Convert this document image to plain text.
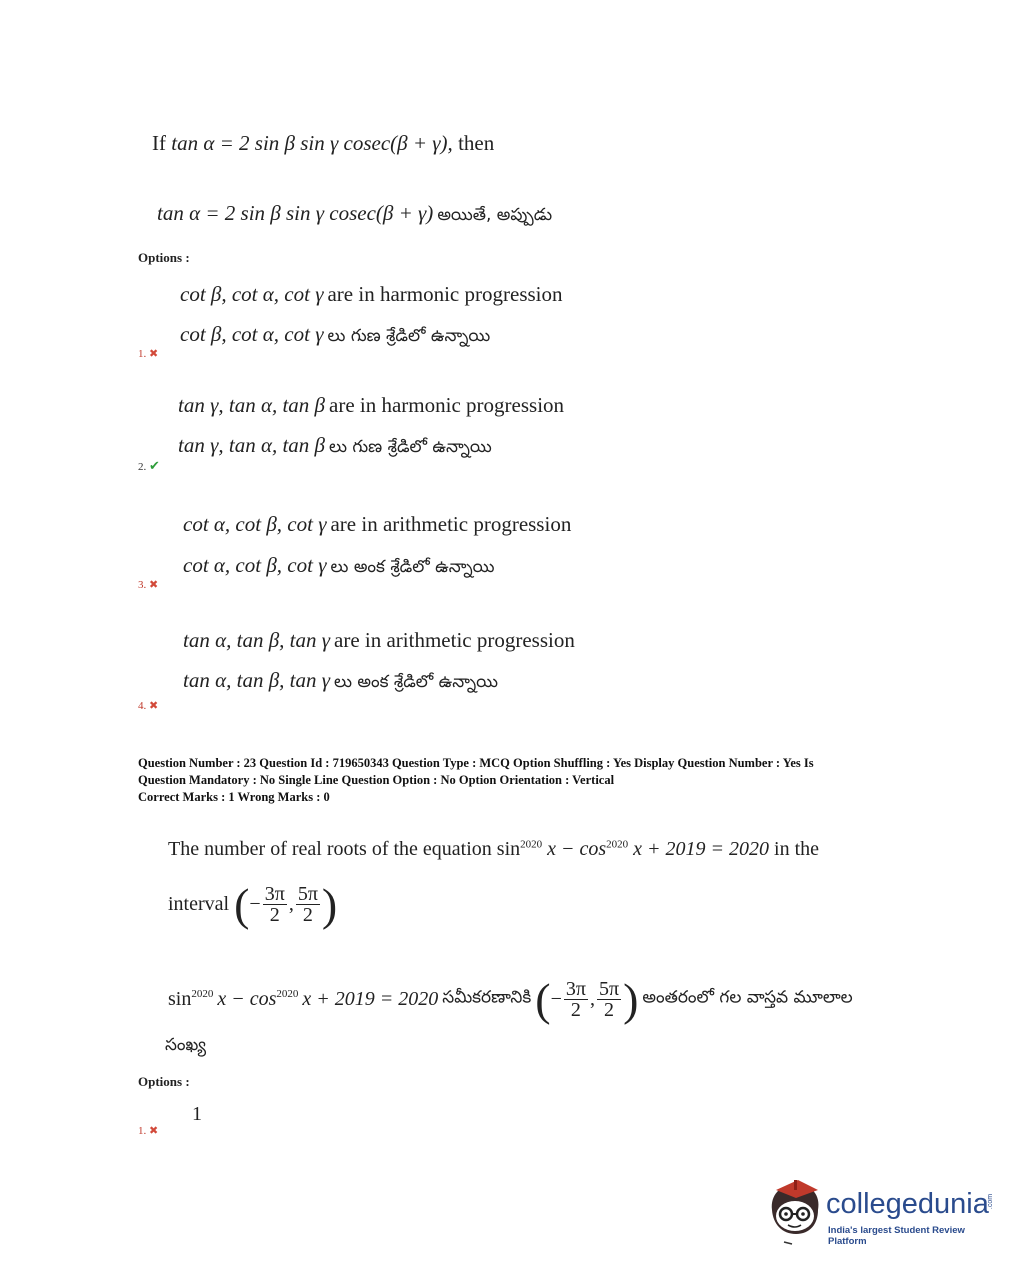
If tan α = 2 sin β sin γ cosec(β + γ), then
tan α = 2 sin β sin γ cosec(β + γ) అయితే, అప్పుడు
Options :
cot β, cot α, cot γ are in harmonic progression
cot β, cot α, cot γ లు గుణ శ్రేడిలో ఉన్నాయి
1. ✖
tan γ, tan α, tan β are in harmonic progression
tan γ, tan α, tan β లు గుణ శ్రేడిలో ఉన్నాయి
2. ✔
cot α, cot β, cot γ are in arithmetic progression
cot α, cot β, cot γ లు అంక శ్రేడిలో ఉన్నాయి
3. ✖
tan α, tan β, tan γ are in arithmetic progression
tan α, tan β, tan γ లు అంక శ్రేడిలో ఉన్నాయి
4. ✖
Question Number : 23 Question Id : 719650343 Question Type : MCQ Option Shuffling : Yes Display Question Number : Yes Is
Question Mandatory : No Single Line Question Option : No Option Orientation : Vertical
Correct Marks : 1 Wrong Marks : 0
The number of real roots of the equation $\sin^{2020} x - \cos^{2020} x + 2019 = 2020$ in the
interval (− $\frac{3\pi}{2}$ , $\frac{5\pi}{2}$ )
$\sin^{2020} x - \cos^{2020} x + 2019 = 2020$ సమీకరణానికి (− $\frac{3\pi}{2}$ , $\frac{5\pi}{2}$ ) అంతరంలో గల వాస్తవ మూలాల
సంఖ్య
Options :
1
1. ✖
collegedunia
.com
India's largest Student Review Platform
